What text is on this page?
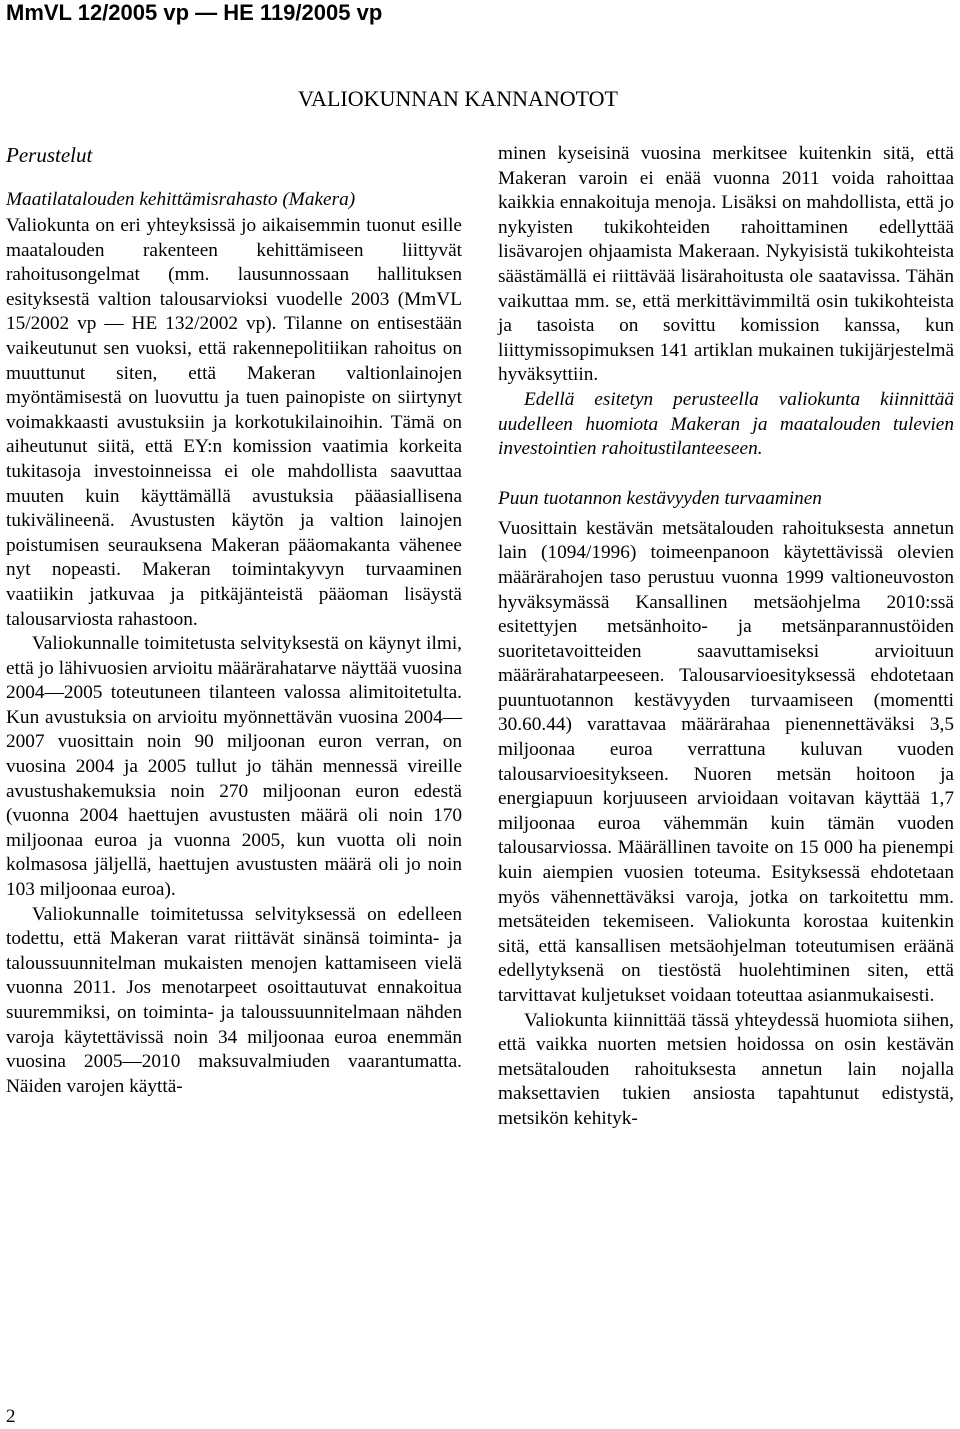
MmVL 12/2005 vp — HE 119/2005 vp
VALIOKUNNAN KANNANOTOT
Perustelut
Maatilatalouden kehittämisrahasto (Makera)

Valiokunta on eri yhteyksissä jo aikaisemmin tuonut esille maatalouden rakenteen kehittämiseen liittyvät rahoitusongelmat (mm. lausunnossaan hallituksen esityksestä valtion talousarvioksi vuodelle 2003 (MmVL 15/2002 vp — HE 132/2002 vp). Tilanne on entisestään vaikeutunut sen vuoksi, että rakennepolitiikan rahoitus on muuttunut siten, että Makeran valtionlainojen myöntämisestä on luovuttu ja tuen painopiste on siirtynyt voimakkaasti avustuksiin ja korkotukilainoihin. Tämä on aiheutunut siitä, että EY:n komission vaatimia korkeita tukitasoja investoinneissa ei ole mahdollista saavuttaa muuten kuin käyttämällä avustuksia pääasiallisena tukivälineenä. Avustusten käytön ja valtion lainojen poistumisen seurauksena Makeran pääomakanta vähenee nyt nopeasti. Makeran toimintakyvyn turvaaminen vaatiikin jatkuvaa ja pitkäjänteistä pääoman lisäystä talousarviosta rahastoon.

Valiokunnalle toimitetusta selvityksestä on käynyt ilmi, että jo lähivuosien arvioitu määrärahatarve näyttää vuosina 2004—2005 toteutuneen tilanteen valossa alimitoitetulta. Kun avustuksia on arvioitu myönnettävän vuosina 2004—2007 vuosittain noin 90 miljoonan euron verran, on vuosina 2004 ja 2005 tullut jo tähän mennessä vireille avustushakemuksia noin 270 miljoonan euron edestä (vuonna 2004 haettujen avustusten määrä oli noin 170 miljoonaa euroa ja vuonna 2005, kun vuotta oli noin kolmasosa jäljellä, haettujen avustusten määrä oli jo noin 103 miljoonaa euroa).

Valiokunnalle toimitetussa selvityksessä on edelleen todettu, että Makeran varat riittävät sinänsä toiminta- ja taloussuunnitelman mukaisten menojen kattamiseen vielä vuonna 2011. Jos menotarpeet osoittautuvat ennakoitua suuremmiksi, on toiminta- ja taloussuunnitelmaan nähden varoja käytettävissä noin 34 miljoonaa euroa enemmän vuosina 2005—2010 maksuvalmiuden vaarantumatta. Näiden varojen käyttä-

minen kyseisinä vuosina merkitsee kuitenkin sitä, että Makeran varoin ei enää vuonna 2011 voida rahoittaa kaikkia ennakoituja menoja. Lisäksi on mahdollista, että jo nykyisten tukikohteiden rahoittaminen edellyttää lisävarojen ohjaamista Makeraan. Nykyisistä tukikohteista säästämällä ei riittävää lisärahoitusta ole saatavissa. Tähän vaikuttaa mm. se, että merkittävimmiltä osin tukikohteista ja tasoista on sovittu komission kanssa, kun liittymissopimuksen 141 artiklan mukainen tukijärjestelmä hyväksyttiin.

Edellä esitetyn perusteella valiokunta kiinnittää uudelleen huomiota Makeran ja maatalouden tulevien investointien rahoitustilanteeseen.

Puun tuotannon kestävyyden turvaaminen

Vuosittain kestävän metsätalouden rahoituksesta annetun lain (1094/1996) toimeenpanoon käytettävissä olevien määrärahojen taso perustuu vuonna 1999 valtioneuvoston hyväksymässä Kansallinen metsäohjelma 2010:ssä esitettyjen metsänhoito- ja metsänparannustöiden suoritetavoitteiden saavuttamiseksi arvioituun määrärahatarpeeseen. Talousarvioesityksessä ehdotetaan puuntuotannon kestävyyden turvaamiseen (momentti 30.60.44) varattavaa määrärahaa pienennettäväksi 3,5 miljoonaa euroa verrattuna kuluvan vuoden talousarvioesitykseen. Nuoren metsän hoitoon ja energiapuun korjuuseen arvioidaan voitavan käyttää 1,7 miljoonaa euroa vähemmän kuin tämän vuoden talousarviossa. Määrällinen tavoite on 15 000 ha pienempi kuin aiempien vuosien toteuma. Esityksessä ehdotetaan myös vähennettäväksi varoja, jotka on tarkoitettu mm. metsäteiden tekemiseen. Valiokunta korostaa kuitenkin sitä, että kansallisen metsäohjelman toteutumisen eräänä edellytyksenä on tiestöstä huolehtiminen siten, että tarvittavat kuljetukset voidaan toteuttaa asianmukaisesti.

Valiokunta kiinnittää tässä yhteydessä huomiota siihen, että vaikka nuorten metsien hoidossa on osin kestävän metsätalouden rahoituksesta annetun lain nojalla maksettavien tukien ansiosta tapahtunut edistystä, metsikön kehityk-

2
